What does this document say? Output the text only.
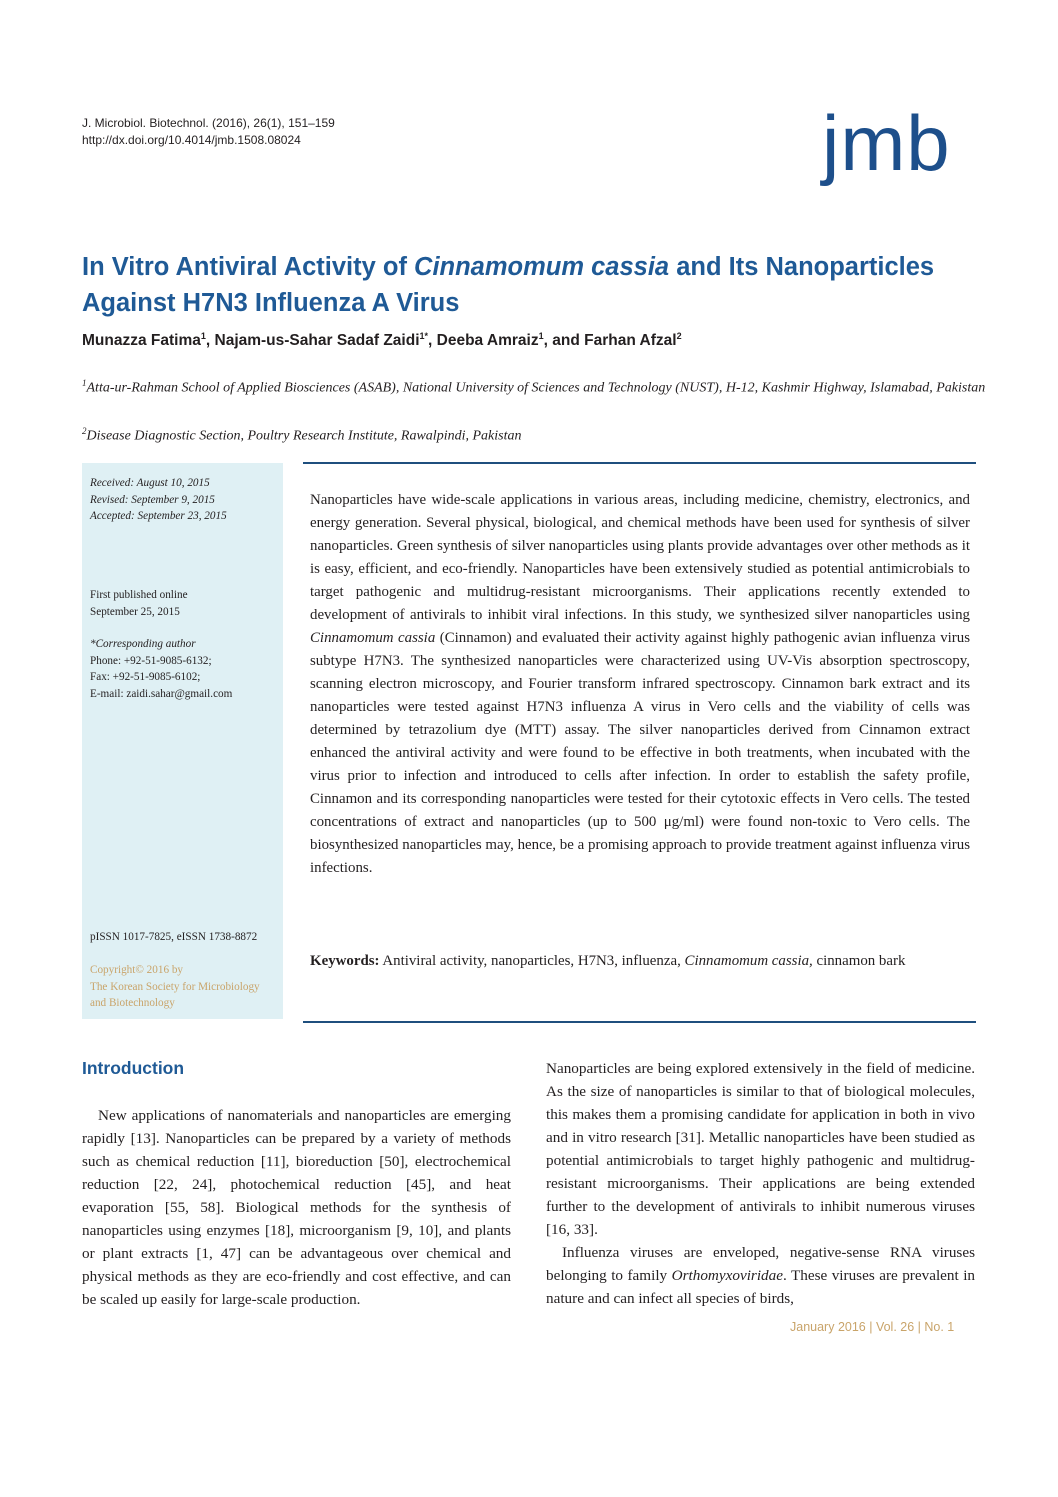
J. Microbiol. Biotechnol. (2016), 26(1), 151–159
http://dx.doi.org/10.4014/jmb.1508.08024	jmb
In Vitro Antiviral Activity of Cinnamomum cassia and Its Nanoparticles Against H7N3 Influenza A Virus
Munazza Fatima$^1$, Najam-us-Sahar Sadaf Zaidi$^{1*}$, Deeba Amraiz$^1$, and Farhan Afzal$^2$
$^1$Atta-ur-Rahman School of Applied Biosciences (ASAB), National University of Sciences and Technology (NUST), H-12, Kashmir Highway, Islamabad, Pakistan
$^2$Disease Diagnostic Section, Poultry Research Institute, Rawalpindi, Pakistan
Received: August 10, 2015
Revised: September 9, 2015
Accepted: September 23, 2015
First published online
September 25, 2015
*Corresponding author
Phone: +92-51-9085-6132;
Fax: +92-51-9085-6102;
E-mail: zaidi.sahar@gmail.com
pISSN 1017-7825, eISSN 1738-8872
Copyright© 2016 by
The Korean Society for Microbiology
and Biotechnology
Nanoparticles have wide-scale applications in various areas, including medicine, chemistry, electronics, and energy generation. Several physical, biological, and chemical methods have been used for synthesis of silver nanoparticles. Green synthesis of silver nanoparticles using plants provide advantages over other methods as it is easy, efficient, and eco-friendly. Nanoparticles have been extensively studied as potential antimicrobials to target pathogenic and multidrug-resistant microorganisms. Their applications recently extended to development of antivirals to inhibit viral infections. In this study, we synthesized silver nanoparticles using Cinnamomum cassia (Cinnamon) and evaluated their activity against highly pathogenic avian influenza virus subtype H7N3. The synthesized nanoparticles were characterized using UV-Vis absorption spectroscopy, scanning electron microscopy, and Fourier transform infrared spectroscopy. Cinnamon bark extract and its nanoparticles were tested against H7N3 influenza A virus in Vero cells and the viability of cells was determined by tetrazolium dye (MTT) assay. The silver nanoparticles derived from Cinnamon extract enhanced the antiviral activity and were found to be effective in both treatments, when incubated with the virus prior to infection and introduced to cells after infection. In order to establish the safety profile, Cinnamon and its corresponding nanoparticles were tested for their cytotoxic effects in Vero cells. The tested concentrations of extract and nanoparticles (up to 500 μg/ml) were found non-toxic to Vero cells. The biosynthesized nanoparticles may, hence, be a promising approach to provide treatment against influenza virus infections.
Keywords: Antiviral activity, nanoparticles, H7N3, influenza, Cinnamomum cassia, cinnamon bark
Introduction

New applications of nanomaterials and nanoparticles are emerging rapidly [13]. Nanoparticles can be prepared by a variety of methods such as chemical reduction [11], bioreduction [50], electrochemical reduction [22, 24], photochemical reduction [45], and heat evaporation [55, 58]. Biological methods for the synthesis of nanoparticles using enzymes [18], microorganism [9, 10], and plants or plant extracts [1, 47] can be advantageous over chemical and physical methods as they are eco-friendly and cost effective, and can be scaled up easily for large-scale production.

Nanoparticles are being explored extensively in the field of medicine. As the size of nanoparticles is similar to that of biological molecules, this makes them a promising candidate for application in both in vivo and in vitro research [31]. Metallic nanoparticles have been studied as potential antimicrobials to target highly pathogenic and multidrug-resistant microorganisms. Their applications are being extended further to the development of antivirals to inhibit numerous viruses [16, 33].

Influenza viruses are enveloped, negative-sense RNA viruses belonging to family Orthomyxoviridae. These viruses are prevalent in nature and can infect all species of birds,

January 2016 | Vol. 26 | No. 1
